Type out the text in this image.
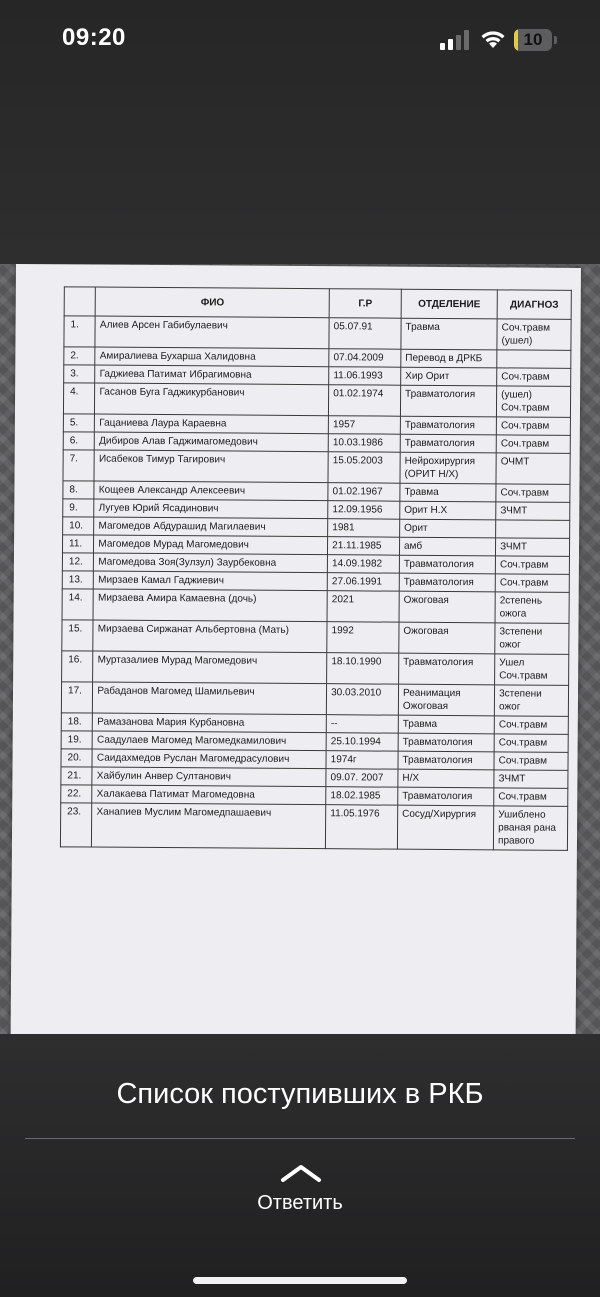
09:20	10
	ФИО	Г.Р	ОТДЕЛЕНИЕ	ДИАГНОЗ
1.	Алиев Арсен Габибулаевич	05.07.91	Травма	Соч.травм (ушел)
2.	Амиралиева Бухарша Халидовна	07.04.2009	Перевод в ДРКБ	
3.	Гаджиева Патимат Ибрагимовна	11.06.1993	Хир Орит	Соч.травм
4.	Гасанов Буга Гаджикурбанович	01.02.1974	Травматология	(ушел) Соч.травм
5.	Гацаниева Лаура Караевна	1957	Травматология	Соч.травм
6.	Дибиров Алав Гаджимагомедович	10.03.1986	Травматология	Соч.травм
7.	Исабеков Тимур Тагирович	15.05.2003	Нейрохирургия (ОРИТ Н/Х)	ОЧМТ
8.	Кощеев Александр Алексеевич	01.02.1967	Травма	Соч.травм
9.	Лугуев Юрий Ясадинович	12.09.1956	Орит Н.Х	ЗЧМТ
10.	Магомедов Абдурашид Магилаевич	1981	Орит	
11.	Магомедов Мурад Магомедович	21.11.1985	амб	ЗЧМТ
12.	Магомедова Зоя(Зулзул) Заурбековна	14.09.1982	Травматология	Соч.травм
13.	Мирзаев Камал Гаджиевич	27.06.1991	Травматология	Соч.травм
14.	Мирзаева Амира Камаевна (дочь)	2021	Ожоговая	2степень ожога
15.	Мирзаева Сиржанат Альбертовна (Мать)	1992	Ожоговая	3степени ожог
16.	Муртазалиев Мурад Магомедович	18.10.1990	Травматология	Ушел Соч.травм
17.	Рабаданов Магомед Шамильевич	30.03.2010	Реанимация Ожоговая	3степени ожог
18.	Рамазанова Мария Курбановна	--	Травма	Соч.травм
19.	Саадулаев Магомед Магомедкамилович	25.10.1994	Травматология	Соч.травм
20.	Саидахмедов Руслан Магомедрасулович	1974г	Травматология	Соч.травм
21.	Хайбулин Анвер Султанович	09.07. 2007	Н/Х	ЗЧМТ
22.	Халакаева Патимат Магомедовна	18.02.1985	Травматология	Соч.травм
23.	Ханапиев Муслим Магомедпашаевич	11.05.1976	Сосуд/Хирургия	Ушиблено рваная рана правого
Список поступивших в РКБ
Ответить
